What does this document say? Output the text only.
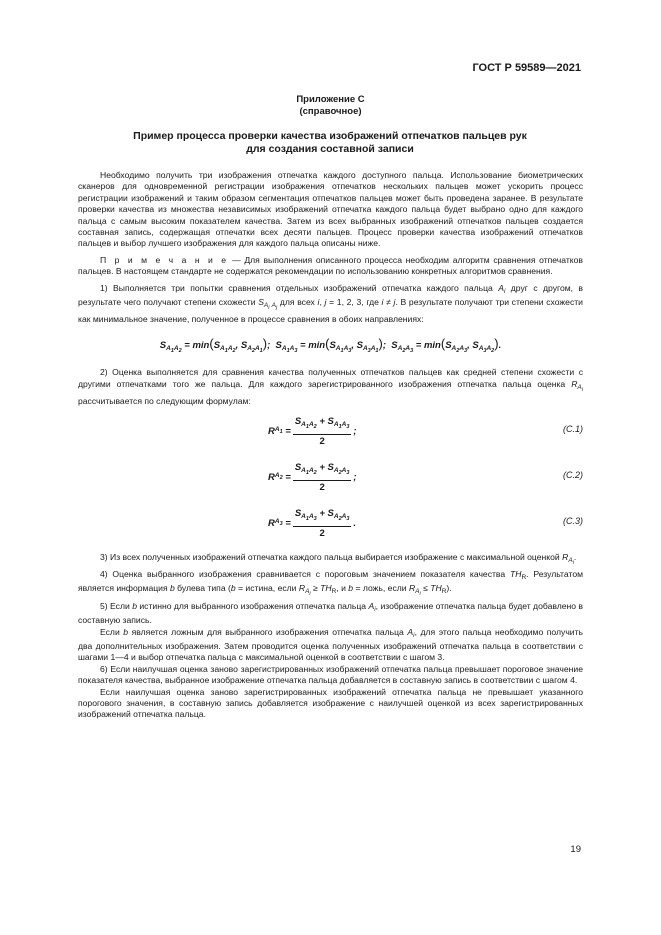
ГОСТ Р 59589—2021
Приложение С
(справочное)
Пример процесса проверки качества изображений отпечатков пальцев рук
для создания составной записи

Необходимо получить три изображения отпечатка каждого доступного пальца. Использование биометрических сканеров для одновременной регистрации изображения отпечатков нескольких пальцев может ускорить процесс регистрации изображений и таким образом сегментация отпечатков пальцев может быть проведена заранее. В результате проверки качества из множества независимых изображений отпечатка каждого пальца будет выбрано одно для каждого пальца с самым высоким показателем качества. Затем из всех выбранных изображений отпечатков пальцев создается составная запись, содержащая отпечатки всех десяти пальцев. Процесс проверки качества изображений отпечатков пальцев и выбор лучшего изображения для каждого пальца описаны ниже.

П р и м е ч а н и е — Для выполнения описанного процесса необходим алгоритм сравнения отпечатков пальцев. В настоящем стандарте не содержатся рекомендации по использованию конкретных алгоритмов сравнения.

1) Выполняется три попытки сравнения отдельных изображений отпечатка каждого пальца $A_i$ друг с другом, в результате чего получают степени схожести $S_{A_i A_j}$ для всех i, j = 1, 2, 3, где i ≠ j. В результате получают три степени схожести как минимальное значение, полученное в процессе сравнения в обоих направлениях:

$S_{A_1A_2} = \min(S_{A_1A_2}$, $S_{A_2A_1}$);  $S_{A_1A_3} = \min(S_{A_1A_3}$, $S_{A_3A_1}$);  $S_{A_2A_3} = \min(S_{A_2A_3}$, $S_{A_3A_2}$).

2) Оценка выполняется для сравнения качества полученных отпечатков пальцев как средней степени схожести с другими отпечатками того же пальца. Для каждого зарегистрированного изображения отпечатка пальца оценка $R_{A_i}$ рассчитывается по следующим формулам:

R $A_1 = \frac{S_{A_1A_2} + S_{A_1A_3}}{2}$ ;	(C.1)
R $A_2 = \frac{S_{A_1A_2} + S_{A_2A_3}}{2}$ ;	(C.2)
R $A_3 = \frac{S_{A_1A_3} + S_{A_2A_3}}{2}$ .	(C.3)

3) Из всех полученных изображений отпечатка каждого пальца выбирается изображение с максимальной оценкой $R_{A_i}$.

4) Оценка выбранного изображения сравнивается с пороговым значением показателя качества $TH_R$. Результатом является информация b булева типа (b = истина, если $R_{A_i} \ge TH_R$, и b = ложь, если $R_{A_i} \le TH_R$).

5) Если b истинно для выбранного изображения отпечатка пальца $A_i$, изображение отпечатка пальца будет добавлено в составную запись.

Если b является ложным для выбранного изображения отпечатка пальца $A_i$, для этого пальца необходимо получить два дополнительных изображения. Затем проводится оценка полученных изображений отпечатка пальца в соответствии с шагами 1—4 и выбор отпечатка пальца с максимальной оценкой в соответствии с шагом 3.

6) Если наилучшая оценка заново зарегистрированных изображений отпечатка пальца превышает пороговое значение показателя качества, выбранное изображение отпечатка пальца добавляется в составную запись в соответствии с шагом 4.

Если наилучшая оценка заново зарегистрированных изображений отпечатка пальца не превышает указанного порогового значения, в составную запись добавляется изображение с наилучшей оценкой из всех зарегистрированных изображений отпечатка пальца.

19
